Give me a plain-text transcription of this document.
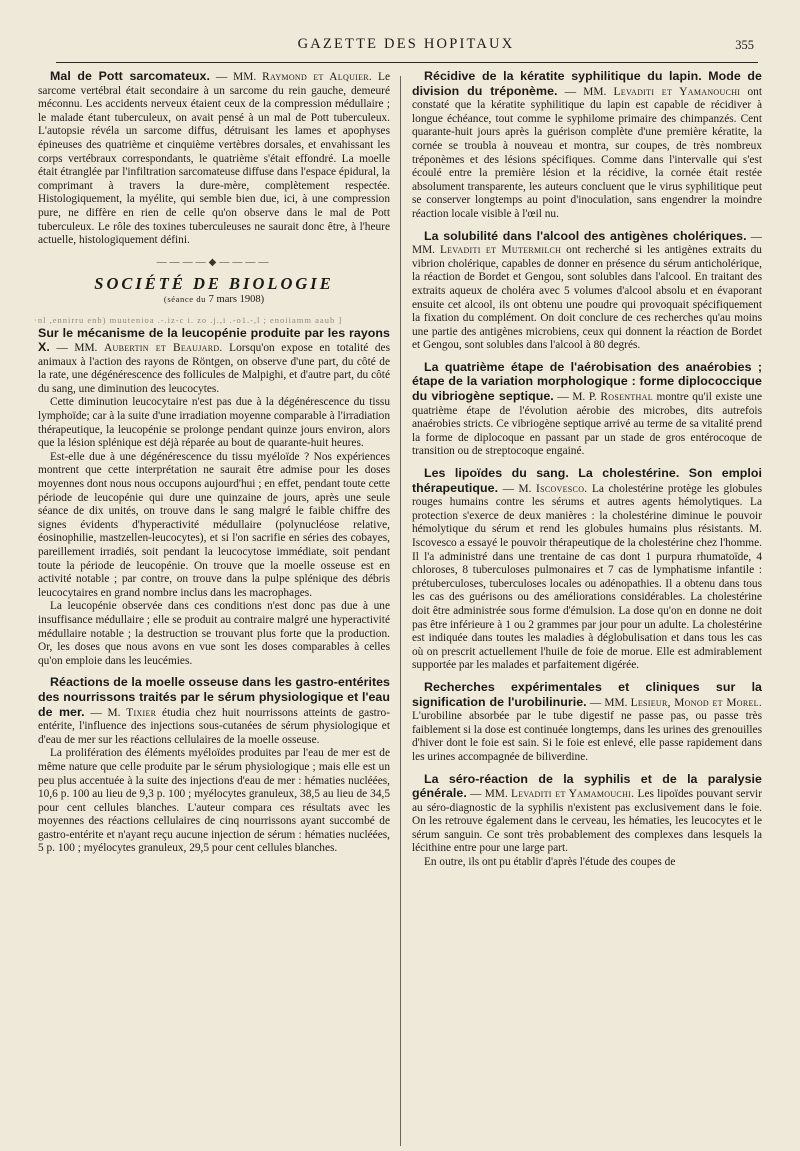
GAZETTE DES HOPITAUX	355

Mal de Pott sarcomateux. — MM. Raymond et Alquier. Le sarcome vertébral était secondaire à un sarcome du rein gauche, demeuré méconnu. Les accidents nerveux étaient ceux de la compression médullaire ; le malade étant tuberculeux, on avait pensé à un mal de Pott tuberculeux. L'autopsie révéla un sarcome diffus, détruisant les lames et apophyses épineuses des quatrième et cinquième vertèbres dorsales, et envahissant les corps vertébraux correspondants, le quatrième s'était effondré. La moelle était étranglée par l'infiltration sarcomateuse diffuse dans l'espace épidural, la comprimant à travers la dure-mère, complètement respectée. Histologiquement, la myélite, qui semble bien due, ici, à une compression pure, ne diffère en rien de celle qu'on observe dans le mal de Pott tuberculeux. Le rôle des toxines tuberculeuses ne saurait donc être, à l'heure actuelle, histologiquement défini.

————◆————
SOCIÉTÉ DE BIOLOGIE
(séance du 7 mars 1908)
·nl ,ennirru enb) muutenioa .-.iz-c i. zo .j.,i .-o1.-,l ; enoiiamm aaub ]

Sur le mécanisme de la leucopénie produite par les rayons X. — MM. Aubertin et Beaujard. Lorsqu'on expose en totalité des animaux à l'action des rayons de Röntgen, on observe d'une part, du côté de la rate, une dégénérescence des follicules de Malpighi, et d'autre part, du côté du sang, une diminution des leucocytes.

Cette diminution leucocytaire n'est pas due à la dégénérescence du tissu lymphoïde; car à la suite d'une irradiation moyenne comparable à l'irradiation thérapeutique, la leucopénie se prolonge pendant quinze jours environ, alors que la lésion splénique est déjà réparée au bout de quarante-huit heures.

Est-elle due à une dégénérescence du tissu myéloïde ? Nos expériences montrent que cette interprétation ne saurait être admise pour les doses moyennes dont nous nous occupons aujourd'hui ; en effet, pendant toute cette période de leucopénie qui dure une quinzaine de jours, après une seule séance de dix unités, on trouve dans le sang malgré le faible chiffre des signes évidents d'hyperactivité médullaire (polynucléose relative, éosinophilie, mastzellen-leucocytes), et si l'on sacrifie en séries des cobayes, pareillement irradiés, soit pendant la leucocytose immédiate, soit pendant toute la période de leucopénie. On trouve que la moelle osseuse est en activité notable ; par contre, on trouve dans la pulpe splénique des débris leucocytaires en grand nombre inclus dans les macrophages.

La leucopénie observée dans ces conditions n'est donc pas due à une insuffisance médullaire ; elle se produit au contraire malgré une hyperactivité médullaire notable ; la destruction se trouvant plus forte que la production. Or, les doses que nous avons en vue sont les doses comparables à celles qu'on emploie dans les leucémies.

Réactions de la moelle osseuse dans les gastro-entérites des nourrissons traités par le sérum physiologique et l'eau de mer. — M. Tixier étudia chez huit nourrissons atteints de gastro-entérite, l'influence des injections sous-cutanées de sérum physiologique et d'eau de mer sur les réactions cellulaires de la moelle osseuse.

La prolifération des éléments myéloïdes produites par l'eau de mer est de même nature que celle produite par le sérum physiologique ; mais elle est un peu plus accentuée à la suite des injections d'eau de mer : hématies nucléées, 10,6 p. 100 au lieu de 9,3 p. 100 ; myélocytes granuleux, 38,5 au lieu de 34,5 pour cent cellules blanches. L'auteur compara ces résultats avec les moyennes des réactions cellulaires de cinq nourrissons ayant succombé de gastro-entérite et n'ayant reçu aucune injection de sérum : hématies nucléées, 5 p. 100 ; myélocytes granuleux, 29,5 pour cent cellules blanches.

Récidive de la kératite syphilitique du lapin. Mode de division du tréponème. — MM. Levaditi et Yamanouchi ont constaté que la kératite syphilitique du lapin est capable de récidiver à longue échéance, tout comme le syphilome primaire des chimpanzés. Cent quarante-huit jours après la guérison complète d'une première kératite, la cornée se troubla à nouveau et montra, sur coupes, de très nombreux tréponèmes et des lésions spécifiques. Comme dans l'intervalle qui s'est écoulé entre la première lésion et la récidive, la cornée était restée absolument transparente, les auteurs concluent que le virus syphilitique peut se conserver longtemps au point d'inoculation, sans engendrer la moindre réaction locale visible à l'œil nu.

La solubilité dans l'alcool des antigènes cholériques. — MM. Levaditi et Mutermilch ont recherché si les antigènes extraits du vibrion cholérique, capables de donner en présence du sérum anticholérique, la réaction de Bordet et Gengou, sont solubles dans l'alcool. En traitant des extraits aqueux de choléra avec 5 volumes d'alcool absolu et en évaporant ensuite cet alcool, ils ont obtenu une poudre qui provoquait spécifiquement la fixation du complément. On doit conclure de ces recherches qu'au moins une partie des antigènes microbiens, ceux qui donnent la réaction de Bordet et Gengou, sont solubles dans l'alcool à 80 degrés.

La quatrième étape de l'aérobisation des anaérobies ; étape de la variation morphologique : forme diplococcique du vibriogène septique. — M. P. Rosenthal montre qu'il existe une quatrième étape de l'évolution aérobie des microbes, dits autrefois anaérobies stricts. Ce vibriogène septique arrivé au terme de sa vitalité prend la forme de diplocoque en passant par un stade de gros entérocoque de transition ou de streptocoque engainé.

Les lipoïdes du sang. La cholestérine. Son emploi thérapeutique. — M. Iscovesco. La cholestérine protège les globules rouges humains contre les sérums et autres agents hémolytiques. La protection s'exerce de deux manières : la cholestérine diminue le pouvoir hémolytique du sérum et rend les globules humains plus résistants. M. Iscovesco a essayé le pouvoir thérapeutique de la cholestérine chez l'homme. Il l'a administré dans une trentaine de cas dont 1 purpura rhumatoïde, 4 chloroses, 8 tuberculoses pulmonaires et 7 cas de lymphatisme infantile : prétuberculoses, tuberculoses locales ou adénopathies. Il a obtenu dans tous les cas des guérisons ou des améliorations considérables. La cholestérine doit être administrée sous forme d'émulsion. La dose qu'on en donne ne doit pas être inférieure à 1 ou 2 grammes par jour pour un adulte. La cholestérine est indiquée dans toutes les maladies à déglobulisation et dans tous les cas où on prescrit actuellement l'huile de foie de morue. Elle est admirablement supportée par les malades et parfaitement digérée.

Recherches expérimentales et cliniques sur la signification de l'urobilinurie. — MM. Lesieur, Monod et Morel. L'urobiline absorbée par le tube digestif ne passe pas, ou passe très faiblement si la dose est continuée longtemps, dans les urines des grenouilles d'hiver dont le foie est sain. Si le foie est enlevé, elle passe rapidement dans les urines accompagnée de biliverdine.

La séro-réaction de la syphilis et de la paralysie générale. — MM. Levaditi et Yamamouchi. Les lipoïdes pouvant servir au séro-diagnostic de la syphilis n'existent pas exclusivement dans le foie. On les retrouve également dans le cerveau, les hématies, les leucocytes et le sérum sanguin. Ce sont très probablement des complexes dans lesquels la lécithine entre pour une large part.

En outre, ils ont pu établir d'après l'étude des coupes de
